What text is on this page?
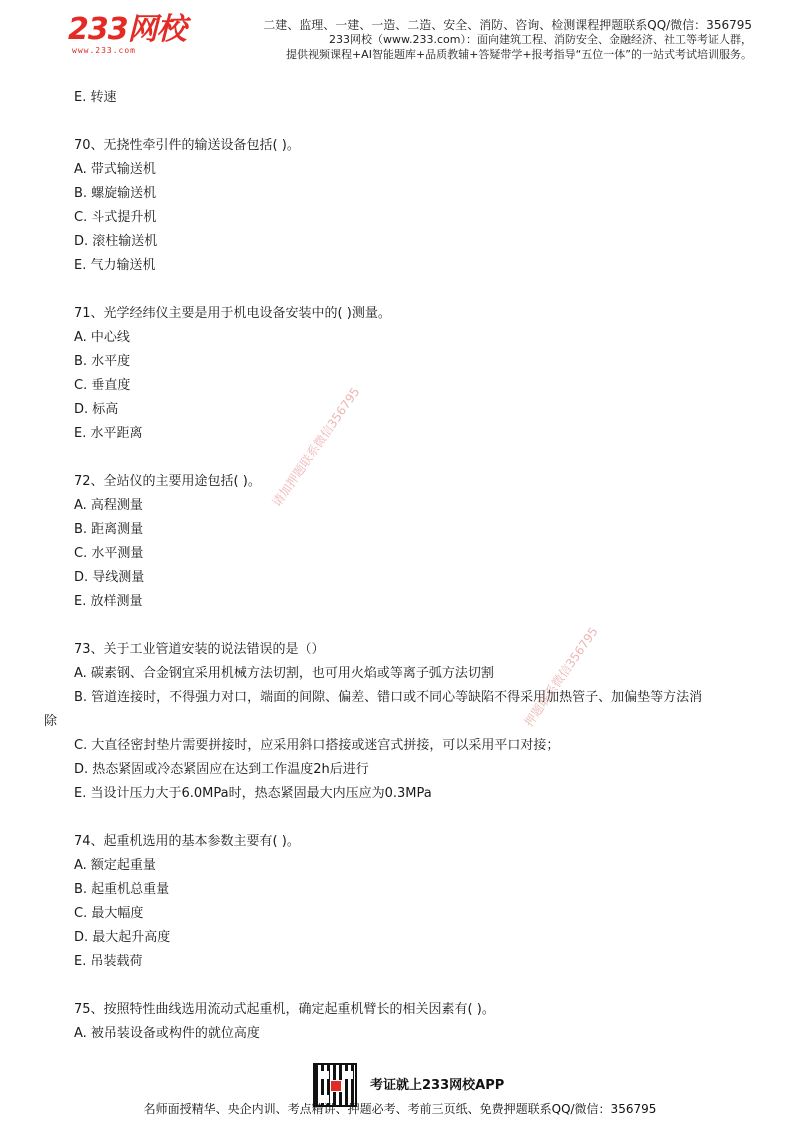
233网校
www.233.com
二建、监理、一建、一造、二造、安全、消防、咨询、检测课程押题联系QQ/微信：356795
233网校（www.233.com）：面向建筑工程、消防安全、金融经济、社工等考证人群，
提供视频课程+AI智能题库+品质教辅+答疑带学+报考指导“五位一体”的一站式考试培训服务。
E. 转速
70、无挠性牵引件的输送设备包括( )。
A. 带式输送机
B. 螺旋输送机
C. 斗式提升机
D. 滚柱输送机
E. 气力输送机
71、光学经纬仪主要是用于机电设备安装中的( )测量。
A. 中心线
B. 水平度
C. 垂直度
D. 标高
E. 水平距离
72、全站仪的主要用途包括( )。
A. 高程测量
B. 距离测量
C. 水平测量
D. 导线测量
E. 放样测量
73、关于工业管道安装的说法错误的是（）
A. 碳素钢、合金钢宜采用机械方法切割，也可用火焰或等离子弧方法切割
B. 管道连接时，不得强力对口，端面的间隙、偏差、错口或不同心等缺陷不得采用加热管子、加偏垫等方法消
除
C. 大直径密封垫片需要拼接时，应采用斜口搭接或迷宫式拼接，可以采用平口对接；
D. 热态紧固或冷态紧固应在达到工作温度2h后进行
E. 当设计压力大于6.0MPa时，热态紧固最大内压应为0.3MPa
74、起重机选用的基本参数主要有( )。
A. 额定起重量
B. 起重机总重量
C. 最大幅度
D. 最大起升高度
E. 吊装载荷
75、按照特性曲线选用流动式起重机，确定起重机臂长的相关因素有( )。
A. 被吊装设备或构件的就位高度
请加押题联系微信356795
押题联系微信356795
考证就上233网校APP
名师面授精华、央企内训、考点精讲、押题必考、考前三页纸、免费押题联系QQ/微信：356795
